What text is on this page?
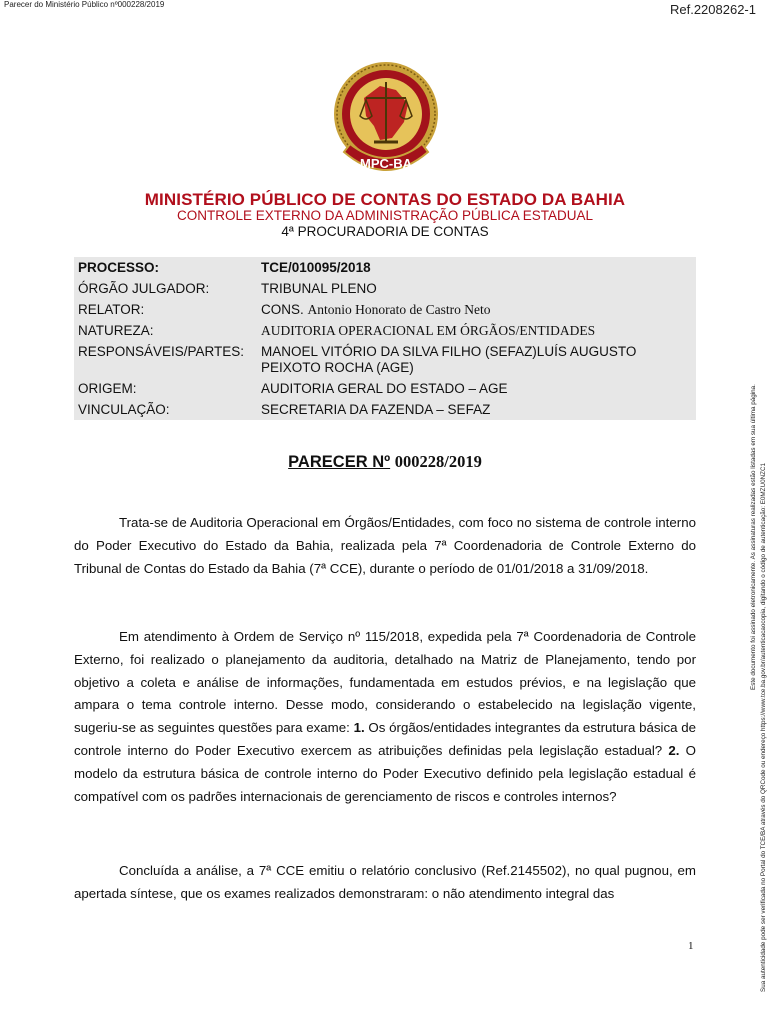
Parecer do Ministério Público nº000228/2019	Ref.2208262-1
Este documento foi assinado eletronicamente. As assinaturas realizadas estão listadas em sua última página. Sua autenticidade pode ser verificada no Portal do TCE/BA através do QRCode ou endereço https://www.tce.ba.gov.br/autenticacaocopia, digitando o código de autenticação: E0MZU0NZC1
MPC-BA
MINISTÉRIO PÚBLICO DE CONTAS DO ESTADO DA BAHIA
CONTROLE EXTERNO DA ADMINISTRAÇÃO PÚBLICA ESTADUAL
4ª PROCURADORIA DE CONTAS
PROCESSO:	TCE/010095/2018
ÓRGÃO JULGADOR:	TRIBUNAL PLENO
RELATOR:	CONS. Antonio Honorato de Castro Neto
NATUREZA:	AUDITORIA OPERACIONAL EM ÓRGÃOS/ENTIDADES
RESPONSÁVEIS/PARTES:	MANOEL VITÓRIO DA SILVA FILHO (SEFAZ)LUÍS AUGUSTO PEIXOTO ROCHA (AGE)
ORIGEM:	AUDITORIA GERAL DO ESTADO – AGE
VINCULAÇÃO:	SECRETARIA DA FAZENDA – SEFAZ
PARECER Nº 000228/2019
Trata-se de Auditoria Operacional em Órgãos/Entidades, com foco no sistema de controle interno do Poder Executivo do Estado da Bahia, realizada pela 7ª Coordenadoria de Controle Externo do Tribunal de Contas do Estado da Bahia (7ª CCE), durante o período de 01/01/2018 a 31/09/2018.
Em atendimento à Ordem de Serviço nº 115/2018, expedida pela 7ª Coordenadoria de Controle Externo, foi realizado o planejamento da auditoria, detalhado na Matriz de Planejamento, tendo por objetivo a coleta e análise de informações, fundamentada em estudos prévios, e na legislação que ampara o tema controle interno. Desse modo, considerando o estabelecido na legislação vigente, sugeriu-se as seguintes questões para exame: 1. Os órgãos/entidades integrantes da estrutura básica de controle interno do Poder Executivo exercem as atribuições definidas pela legislação estadual? 2. O modelo da estrutura básica de controle interno do Poder Executivo definido pela legislação estadual é compatível com os padrões internacionais de gerenciamento de riscos e controles internos?
Concluída a análise, a 7ª CCE emitiu o relatório conclusivo (Ref.2145502), no qual pugnou, em apertada síntese, que os exames realizados demonstraram: o não atendimento integral das
1
